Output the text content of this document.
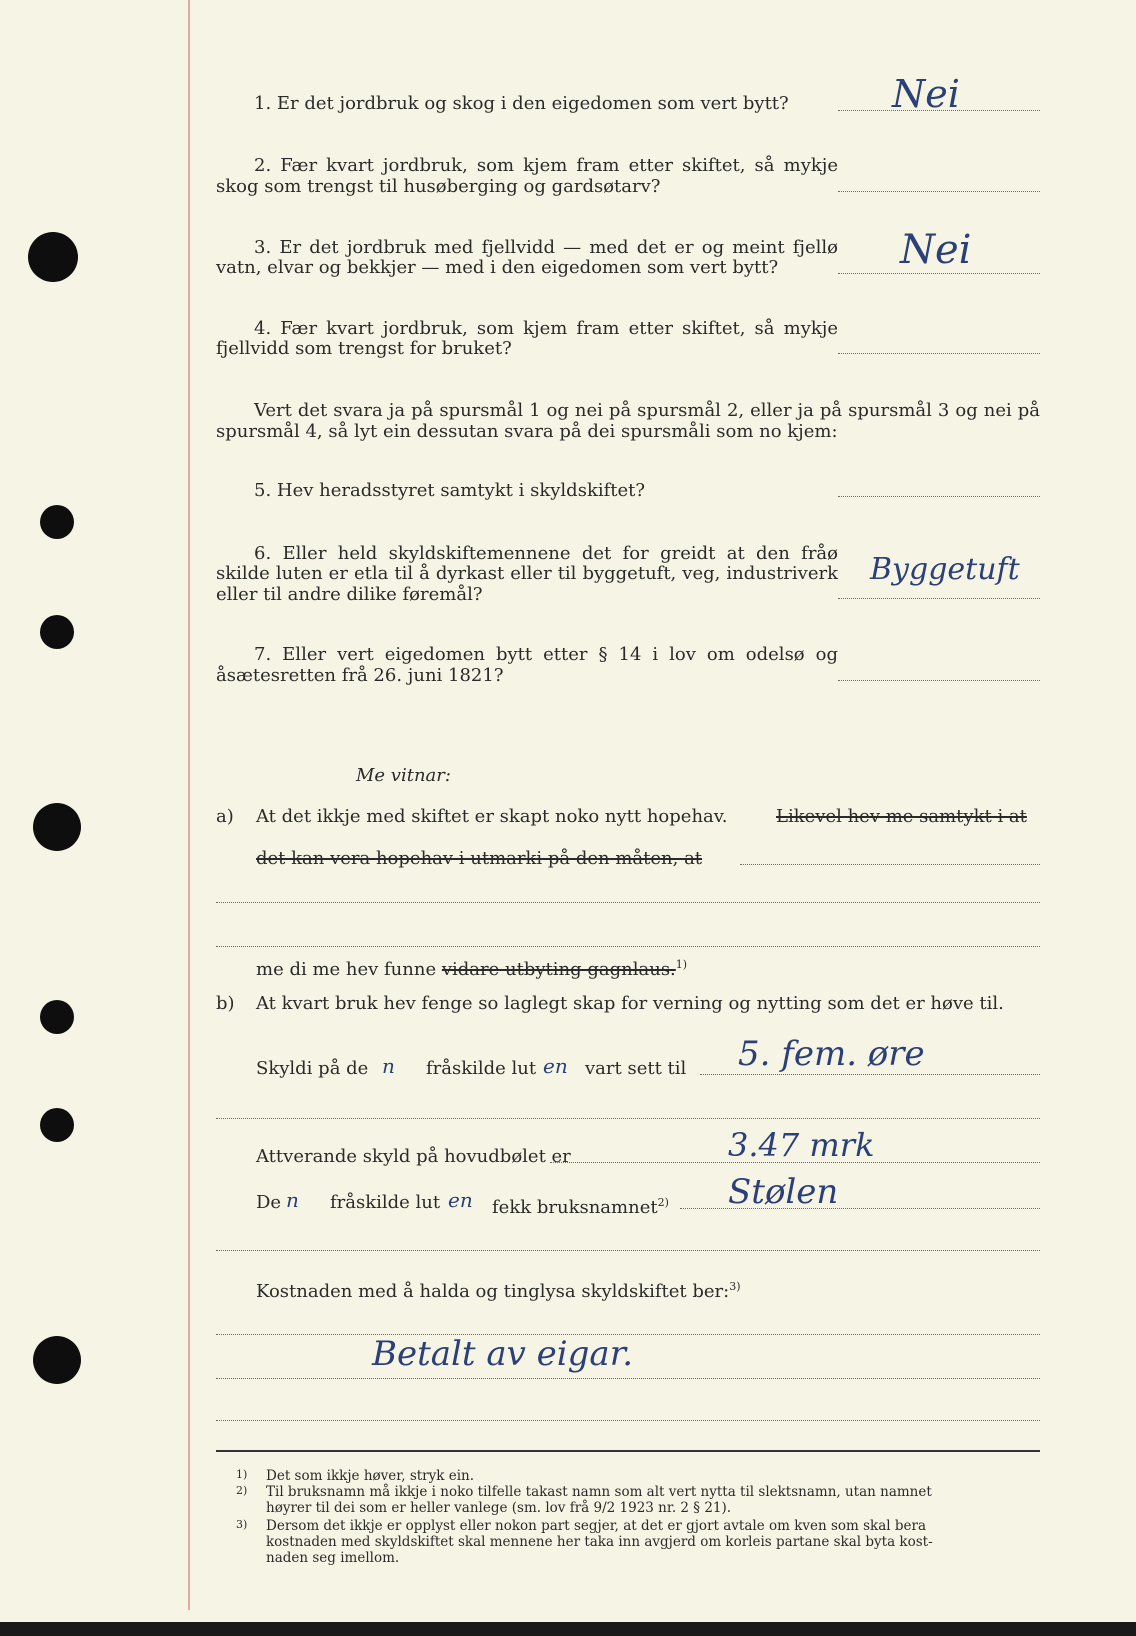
1. Er det jordbruk og skog i den eigedomen som vert bytt?	Nei
2. Fær kvart jordbruk, som kjem fram etter skiftet, så mykje
skog som trengst til husøberging og gardsøtarv?
3. Er det jordbruk med fjellvidd — med det er og meint fjellø
vatn, elvar og bekkjer — med i den eigedomen som vert bytt?	Nei
4. Fær kvart jordbruk, som kjem fram etter skiftet, så mykje
fjellvidd som trengst for bruket?
Vert det svara ja på spursmål 1 og nei på spursmål 2, eller ja på spursmål 3 og nei på
spursmål 4, så lyt ein dessutan svara på dei spursmåli som no kjem:
5. Hev heradsstyret samtykt i skyldskiftet?
6. Eller held skyldskiftemennene det for greidt at den fråø
skilde luten er etla til å dyrkast eller til byggetuft, veg, industriverk
eller til andre dilike føremål?
Byggetuft
7. Eller vert eigedomen bytt etter § 14 i lov om odelsø og
åsætesretten frå 26. juni 1821?
Me vitnar:
a) At det ikkje med skiftet er skapt noko nytt hopehav.	Likevel hev me samtykt i at
det kan vera hopehav i utmarki på den måten, at
me di me hev funne vidare utbyting gagnlaus.$^{1)}$
b) At kvart bruk hev fenge so laglegt skap for verning og nytting som det er høve til.
Skyldi på de n fråskilde lut en vart sett til 5. fem. øre
Attverande skyld på hovudbølet er	3.47 mrk
De n fråskilde lut en fekk bruksnamnet$^{2)}$ Stølen
Kostnaden med å halda og tinglysa skyldskiftet ber:$^{3)}$
Betalt av eigar.
1) Det som ikkje høver, stryk ein.
2) Til bruksnamn må ikkje i noko tilfelle takast namn som alt vert nytta til slektsnamn, utan namnet
høyrer til dei som er heller vanlege (sm. lov frå 9/2 1923 nr. 2 § 21).
3) Dersom det ikkje er opplyst eller nokon part segjer, at det er gjort avtale om kven som skal bera
kostnaden med skyldskiftet skal mennene her taka inn avgjerd om korleis partane skal byta kost-
naden seg imellom.
